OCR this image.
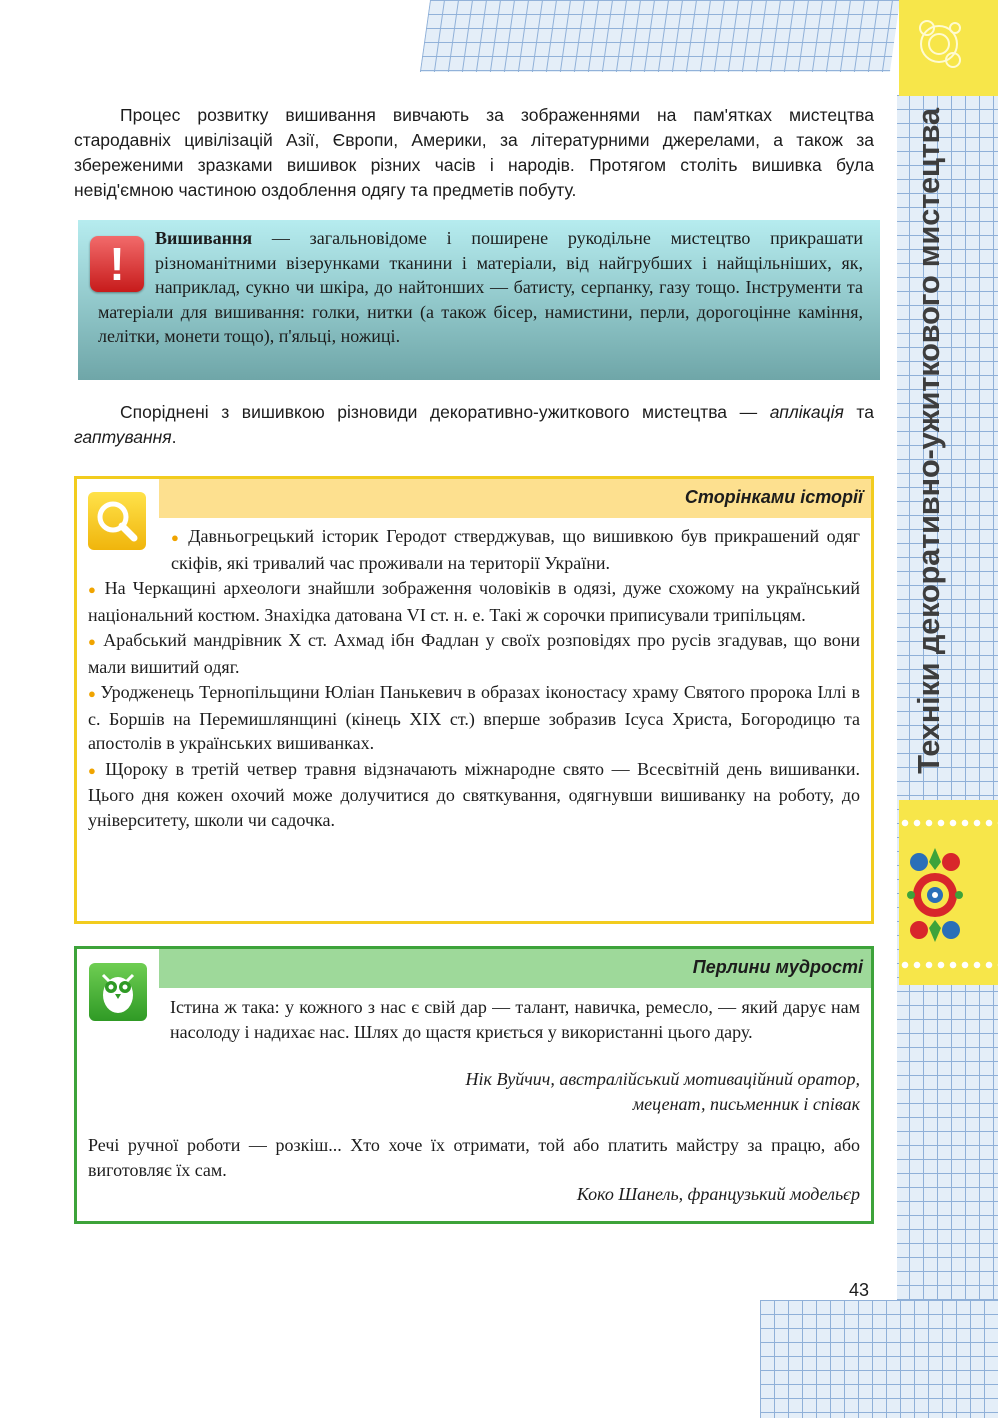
Техніки декоративно-ужиткового мистецтва

Процес розвитку вишивання вивчають за зображеннями на пам'ятках мистецтва стародавніх цивілізацій Азії, Європи, Америки, за літературними джерелами, а також за збереженими зразками вишивок різних часів і народів. Протягом століть вишивка була невід'ємною частиною оздоблення одягу та предметів побуту.

Вишивання — загальновідоме і поширене рукодільне мистецтво прикрашати різноманітними візерунками тканини і матеріали, від найгрубших і найщільніших, як, наприклад, сукно чи шкіра, до найтонших — батисту, серпанку, газу тощо. Інструменти та матеріали для вишивання: голки, нитки (а також бісер, намистини, перли, дорогоцінне каміння, лелітки, монети тощо), п'яльці, ножиці.

!

Споріднені з вишивкою різновиди декоративно-ужиткового мистецтва — аплікація та гаптування.

Сторінками історії

● Давньогрецький історик Геродот стверджував, що вишивкою був прикрашений одяг скіфів, які тривалий час проживали на території України.

● На Черкащині археологи знайшли зображення чоловіків в одязі, дуже схожому на український національний костюм. Знахідка датована VI ст. н. е. Такі ж сорочки приписували трипільцям.

● Арабський мандрівник Х ст. Ахмад ібн Фадлан у своїх розповідях про русів згадував, що вони мали вишитий одяг.

● Уродженець Тернопільщини Юліан Панькевич в образах іконостасу храму Святого пророка Іллі в с. Боршів на Перемишлянщині (кінець XIX ст.) вперше зобразив Ісуса Христа, Богородицю та апостолів в українських вишиванках.

● Щороку в третій четвер травня відзначають міжнародне свято — Всесвітній день вишиванки. Цього дня кожен охочий може долучитися до святкування, одягнувши вишиванку на роботу, до університету, школи чи садочка.

Перлини мудрості

Істина ж така: у кожного з нас є свій дар — талант, навичка, ремесло, — який дарує нам насолоду і надихає нас. Шлях до щастя криється у використанні цього дару.

Нік Вуйчич, австралійський мотиваційний оратор,

меценат, письменник і співак

Речі ручної роботи — розкіш... Хто хоче їх отримати, той або платить майстру за працю, або виготовляє їх сам.

Коко Шанель, французький модельєр

43
